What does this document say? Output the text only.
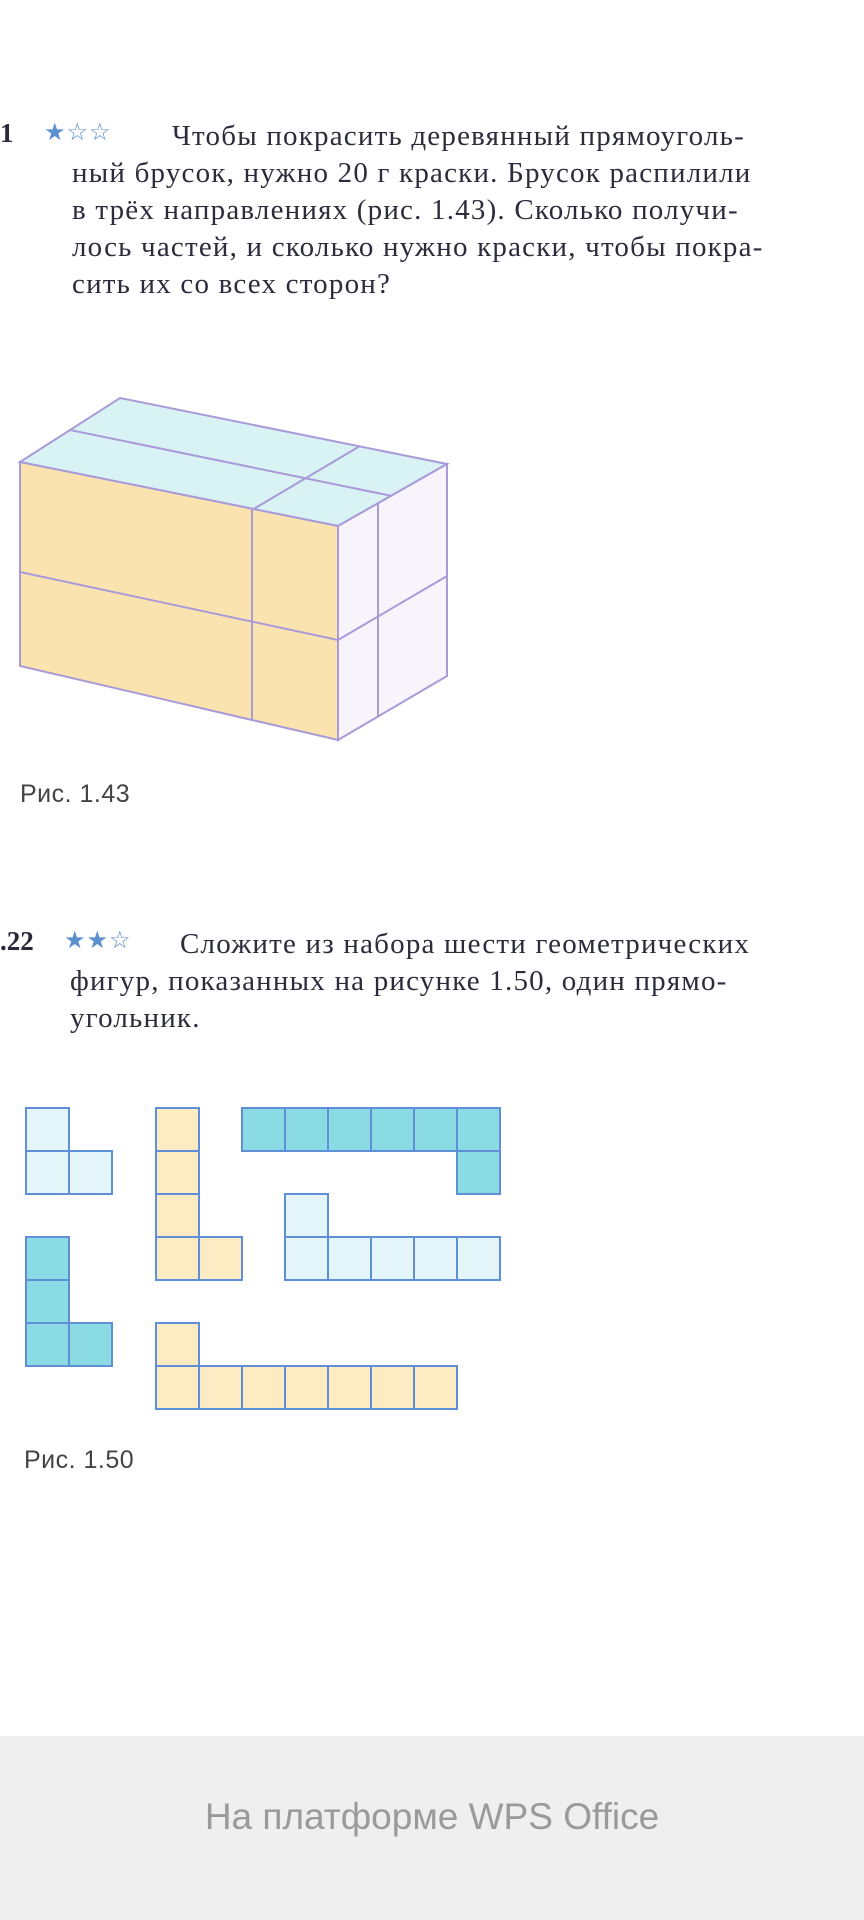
1 ★☆☆	Чтобы покрасить деревянный прямоуголь-
ный брусок, нужно 20 г краски. Брусок распилили
в трёх направлениях (рис. 1.43). Сколько получи-
лось частей, и сколько нужно краски, чтобы покра-
сить их со всех сторон?
Рис. 1.43
.22 ★★☆	Сложите из набора шести геометрических
фигур, показанных на рисунке 1.50, один прямо-
угольник.
Рис. 1.50
На платформе WPS Office
